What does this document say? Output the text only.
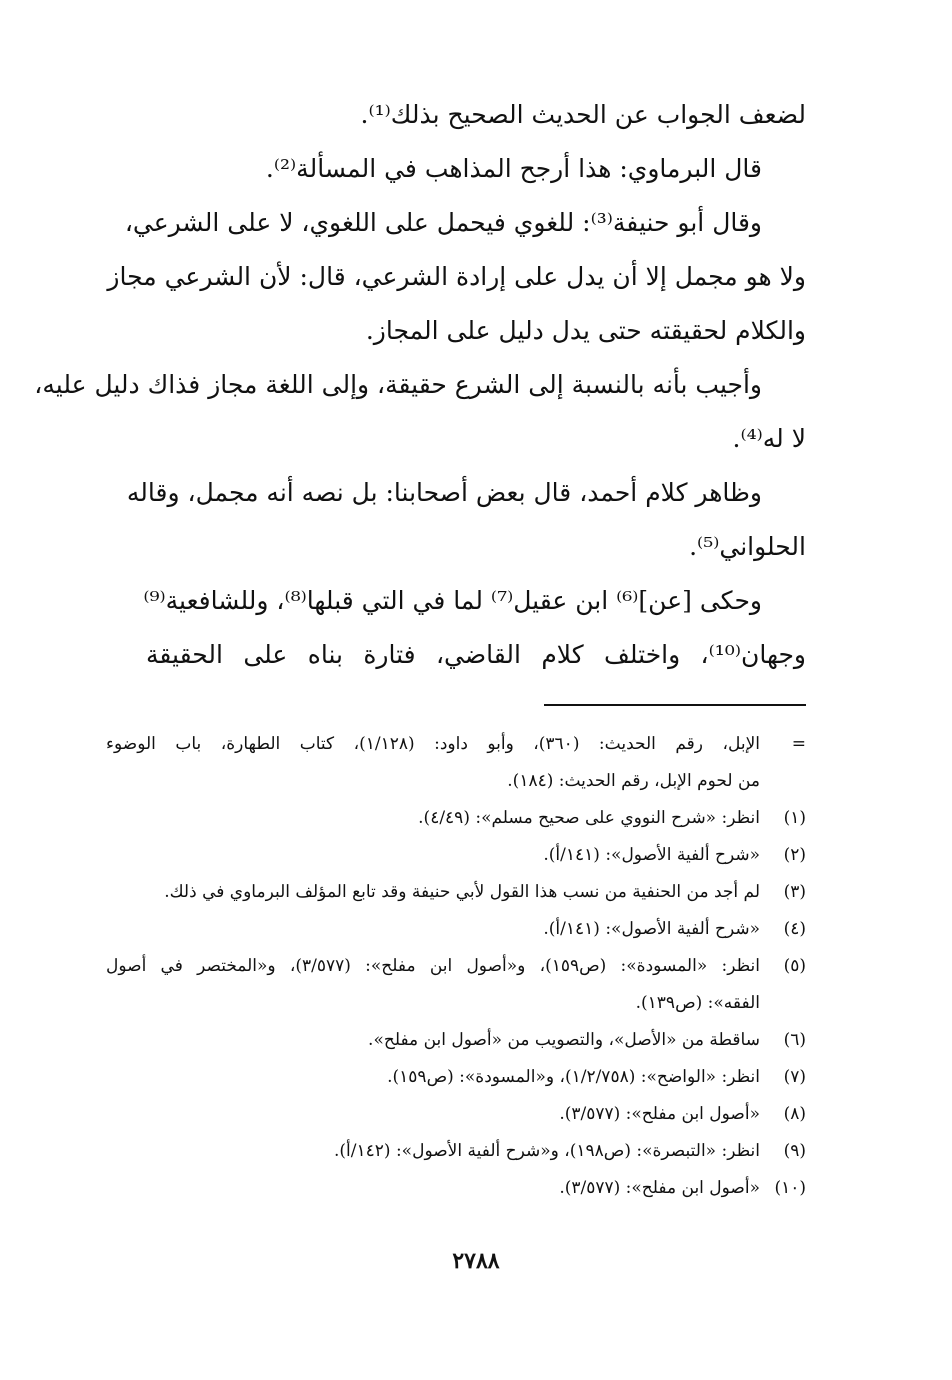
لضعف الجواب عن الحديث الصحيح بذلك⁽¹⁾.
قال البرماوي: هذا أرجح المذاهب في المسألة⁽²⁾.
وقال أبو حنيفة⁽³⁾: للغوي فيحمل على اللغوي، لا على الشرعي،
ولا هو مجمل إلا أن يدل على إرادة الشرعي، قال: لأن الشرعي مجاز
والكلام لحقيقته حتى يدل دليل على المجاز.
وأجيب بأنه بالنسبة إلى الشرع حقيقة، وإلى اللغة مجاز فذاك دليل عليه،
لا له⁽⁴⁾.
وظاهر كلام أحمد، قال بعض أصحابنا: بل نصه أنه مجمل، وقاله
الحلواني⁽⁵⁾.
وحكى [عن]⁽⁶⁾ ابن عقيل⁽⁷⁾ لما في التي قبلها⁽⁸⁾، وللشافعية⁽⁹⁾
وجهان⁽¹⁰⁾، واختلف كلام القاضي، فتارة بناه على الحقيقة
=
الإبل، رقم الحديث: (٣٦٠)، وأبو داود: (١/١٢٨)، كتاب الطهارة، باب الوضوء
من لحوم الإبل، رقم الحديث: (١٨٤).
(١)
انظر: «شرح النووي على صحيح مسلم»: (٤/٤٩).
(٢)
«شرح ألفية الأصول»: (١٤١/أ).
(٣)
لم أجد من الحنفية من نسب هذا القول لأبي حنيفة وقد تابع المؤلف البرماوي في ذلك.
(٤)
«شرح ألفية الأصول»: (١٤١/أ).
(٥)
انظر: «المسودة»: (ص١٥٩)، و«أصول ابن مفلح»: (٣/٥٧٧)، و«المختصر في أصول
الفقه»: (ص١٣٩).
(٦)
ساقطة من «الأصل»، والتصويب من «أصول ابن مفلح».
(٧)
انظر: «الواضح»: (١/٢/٧٥٨)، و«المسودة»: (ص١٥٩).
(٨)
«أصول ابن مفلح»: (٣/٥٧٧).
(٩)
انظر: «التبصرة»: (ص١٩٨)، و«شرح ألفية الأصول»: (١٤٢/أ).
(١٠)
«أصول ابن مفلح»: (٣/٥٧٧).
٢٧٨٨
